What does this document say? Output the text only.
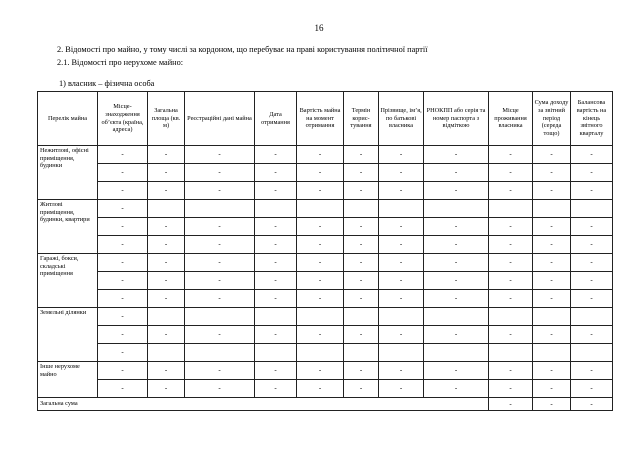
16
2. Відомості про майно, у тому числі за кордоном, що перебуває на праві користування політичної партії
2.1. Відомості про нерухоме майно:
1) власник – фізична особа
Перелік майна	Місце-знаходження об’єкта (країна, адреса)	Загальна площа (кв. м)	Реєстраційні дані майна	Дата отримання	Вартість майна на момент отримання	Термін корис-тування	Прізвище, ім’я, по батькові власника	РНОКПП або серія та номер паспорта з відміткою	Місце проживання власника	Сума доходу за звітний період (середа тощо)	Балансова вартість на кінець звітного кварталу
Нежитлові, офісні приміщення, будинки	-	-	-	-	-	-	-	-	-	-	-
	-	-	-	-	-	-	-	-	-	-	-
	-	-	-	-	-	-	-	-	-	-	-
Житлові приміщення, будинки, квартири	-										
	-	-	-	-	-	-	-	-	-	-	-
	-	-	-	-	-	-	-	-	-	-	-
Гаражі, бокси, складські приміщення	-	-	-	-	-	-	-	-	-	-	-
	-	-	-	-	-	-	-	-	-	-	-
	-	-	-	-	-	-	-	-	-	-	-
Земельні ділянки	-										
	-	-	-	-	-	-	-	-	-	-	-
	-										
Інше нерухоме майно	-	-	-	-	-	-	-	-	-	-	-
	-	-	-	-	-	-	-	-	-	-	-
Загальна сума									-	-	-
